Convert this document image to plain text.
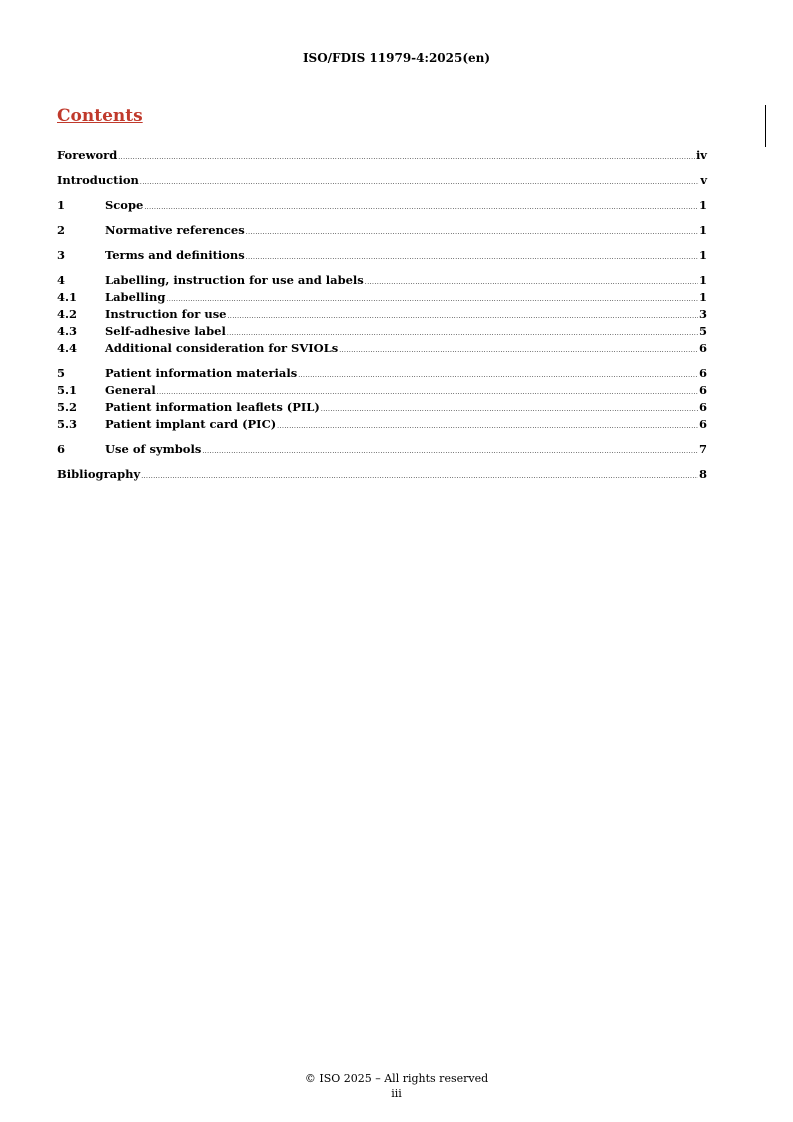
ISO/FDIS 11979-4:2025(en)
Contents
Foreword .....	iv
Introduction .....	v
1	Scope .....	1
2	Normative references .....	1
3	Terms and definitions .....	1
4	Labelling, instruction for use and labels .....	1
4.1	Labelling .....	1
4.2	Instruction for use .....	3
4.3	Self-adhesive label .....	5
4.4	Additional consideration for SVIOLs .....	6
5	Patient information materials .....	6
5.1	General .....	6
5.2	Patient information leaflets (PIL) .....	6
5.3	Patient implant card (PIC) .....	6
6	Use of symbols .....	7
Bibliography .....	8
© ISO 2025 – All rights reserved
iii
